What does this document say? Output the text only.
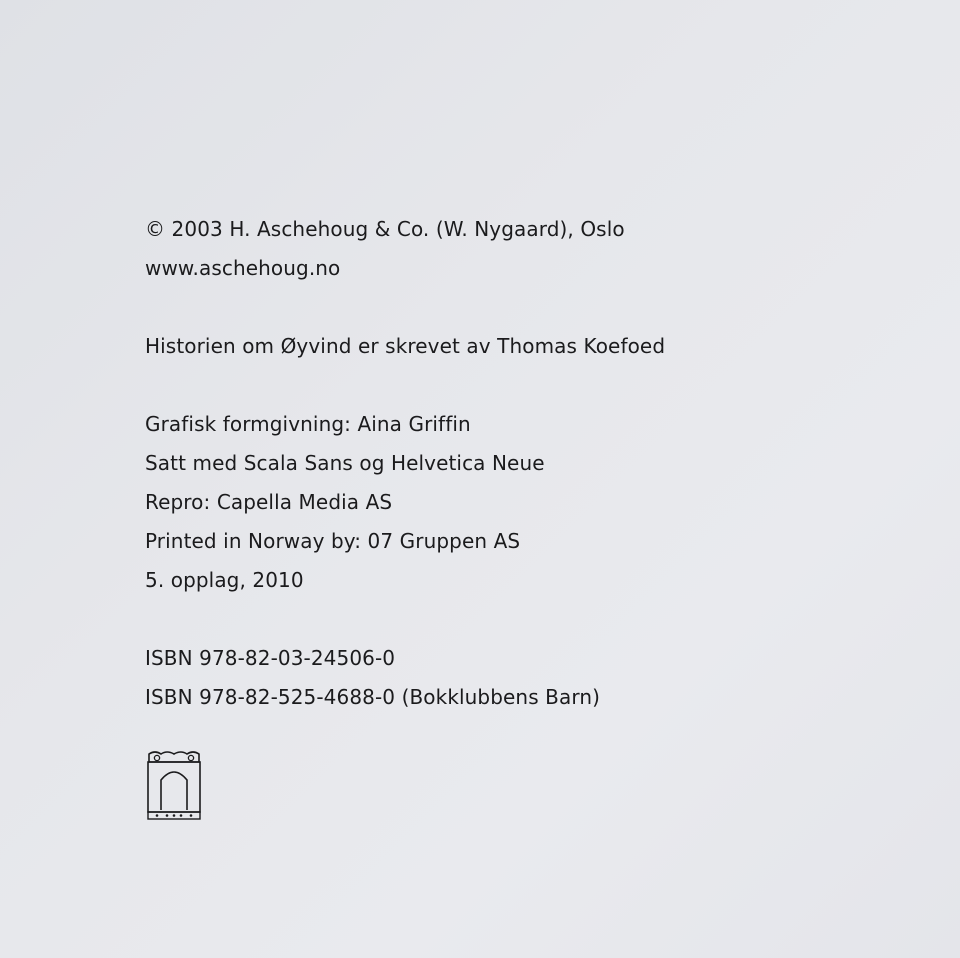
© 2003 H. Aschehoug & Co. (W. Nygaard), Oslo
www.aschehoug.no
Historien om Øyvind er skrevet av Thomas Koefoed
Grafisk formgivning: Aina Griffin
Satt med Scala Sans og Helvetica Neue
Repro: Capella Media AS
Printed in Norway by: 07 Gruppen AS
5. opplag, 2010
ISBN 978-82-03-24506-0
ISBN 978-82-525-4688-0 (Bokklubbens Barn)
